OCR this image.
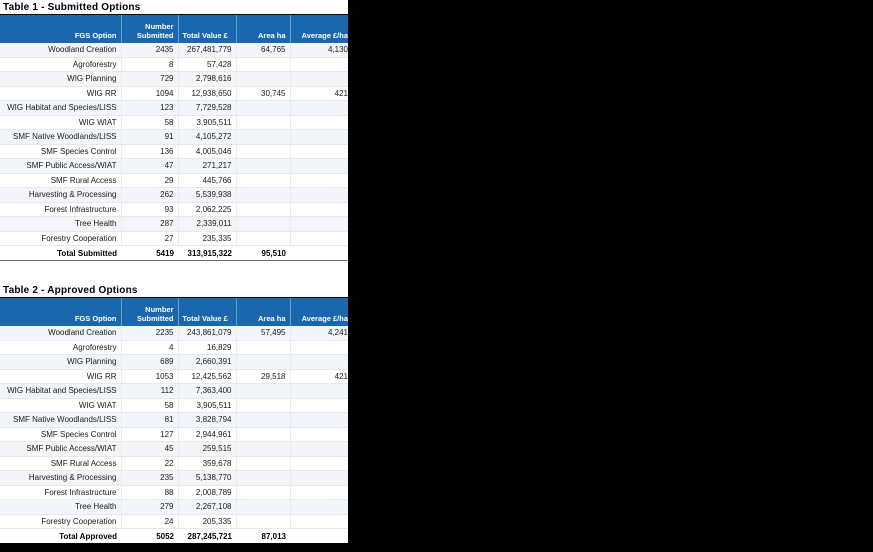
Table 1 - Submitted Options
FGS Option	Number Submitted	Total Value £	Area ha	Average £/ha
Woodland Creation	2435	267,481,779	64,765	4,130
Agroforestry	8	57,428		
WIG Planning	729	2,798,616		
WIG RR	1094	12,938,650	30,745	421
WIG Habitat and Species/LISS	123	7,729,528		
WIG WIAT	58	3,905,511		
SMF Native Woodlands/LISS	91	4,105,272		
SMF Species Control	136	4,005,046		
SMF Public Access/WIAT	47	271,217		
SMF Rural Access	29	445,766		
Harvesting & Processing	262	5,539,938		
Forest Infrastructure	93	2,062,225		
Tree Health	287	2,339,011		
Forestry Cooperation	27	235,335		
Total Submitted	5419	313,915,322	95,510	
Table 2 - Approved Options
FGS Option	Number Submitted	Total Value £	Area ha	Average £/ha
Woodland Creation	2235	243,861,079	57,495	4,241
Agroforestry	4	16,829		
WIG Planning	689	2,660,391		
WIG RR	1053	12,425,562	29,518	421
WIG Habitat and Species/LISS	112	7,363,400		
WIG WIAT	58	3,905,511		
SMF Native Woodlands/LISS	81	3,828,794		
SMF Species Control	127	2,944,961		
SMF Public Access/WIAT	45	259,515		
SMF Rural Access	22	359,678		
Harvesting & Processing	235	5,138,770		
Forest Infrastructure	88	2,008,789		
Tree Health	279	2,267,108		
Forestry Cooperation	24	205,335		
Total Approved	5052	287,245,721	87,013	
